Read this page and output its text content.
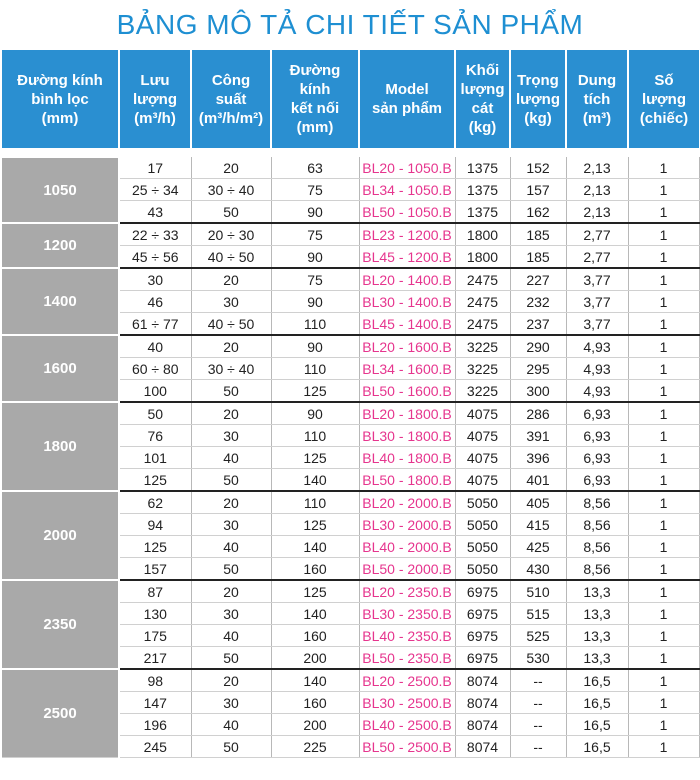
BẢNG MÔ TẢ CHI TIẾT SẢN PHẨM
Đường kính
bình lọc
(mm)	Lưu
lượng
(m³/h)	Công
suất
(m³/h/m²)	Đường kính
kết nối
(mm)	Model
sản phẩm	Khối
lượng
cát
(kg)	Trọng
lượng
(kg)	Dung
tích
(m³)	Số lượng
(chiếc)

1050	17	20	63	BL20 - 1050.B	1375	152	2,13	1
	25 ÷ 34	30 ÷ 40	75	BL34 - 1050.B	1375	157	2,13	1
	43	50	90	BL50 - 1050.B	1375	162	2,13	1
1200	22 ÷ 33	20 ÷ 30	75	BL23 - 1200.B	1800	185	2,77	1
	45 ÷ 56	40 ÷ 50	90	BL45 - 1200.B	1800	185	2,77	1
1400	30	20	75	BL20 - 1400.B	2475	227	3,77	1
	46	30	90	BL30 - 1400.B	2475	232	3,77	1
	61 ÷ 77	40 ÷ 50	110	BL45 - 1400.B	2475	237	3,77	1
1600	40	20	90	BL20 - 1600.B	3225	290	4,93	1
	60 ÷ 80	30 ÷ 40	110	BL34 - 1600.B	3225	295	4,93	1
	100	50	125	BL50 - 1600.B	3225	300	4,93	1
1800	50	20	90	BL20 - 1800.B	4075	286	6,93	1
	76	30	110	BL30 - 1800.B	4075	391	6,93	1
	101	40	125	BL40 - 1800.B	4075	396	6,93	1
	125	50	140	BL50 - 1800.B	4075	401	6,93	1
2000	62	20	110	BL20 - 2000.B	5050	405	8,56	1
	94	30	125	BL30 - 2000.B	5050	415	8,56	1
	125	40	140	BL40 - 2000.B	5050	425	8,56	1
	157	50	160	BL50 - 2000.B	5050	430	8,56	1
2350	87	20	125	BL20 - 2350.B	6975	510	13,3	1
	130	30	140	BL30 - 2350.B	6975	515	13,3	1
	175	40	160	BL40 - 2350.B	6975	525	13,3	1
	217	50	200	BL50 - 2350.B	6975	530	13,3	1
2500	98	20	140	BL20 - 2500.B	8074	--	16,5	1
	147	30	160	BL30 - 2500.B	8074	--	16,5	1
	196	40	200	BL40 - 2500.B	8074	--	16,5	1
	245	50	225	BL50 - 2500.B	8074	--	16,5	1
